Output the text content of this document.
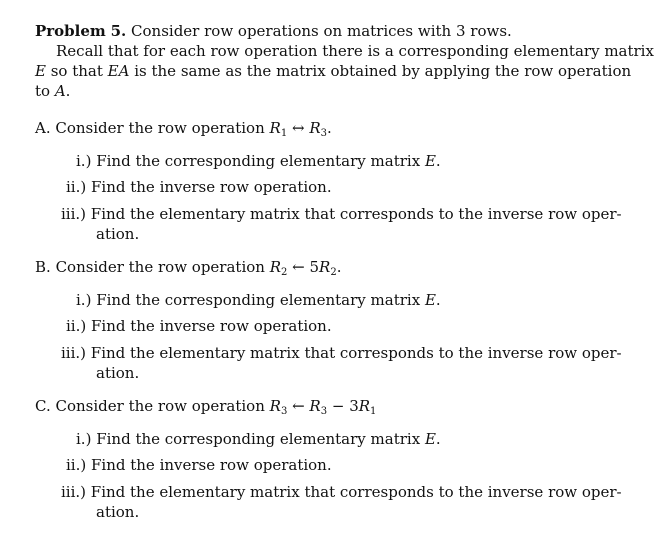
Problem 5. Consider row operations on matrices with 3 rows.
Recall that for each row operation there is a corresponding elementary matrix
E so that EA is the same as the matrix obtained by applying the row operation
to A.
A. Consider the row operation $R_1$ ↔ $R_3$.
i.) Find the corresponding elementary matrix E.
ii.) Find the inverse row operation.
iii.) Find the elementary matrix that corresponds to the inverse row oper-
ation.
B. Consider the row operation $R_2$ ← $5R_2$.
i.) Find the corresponding elementary matrix E.
ii.) Find the inverse row operation.
iii.) Find the elementary matrix that corresponds to the inverse row oper-
ation.
C. Consider the row operation $R_3$ ← $R_3 - 3R_1$
i.) Find the corresponding elementary matrix E.
ii.) Find the inverse row operation.
iii.) Find the elementary matrix that corresponds to the inverse row oper-
ation.
